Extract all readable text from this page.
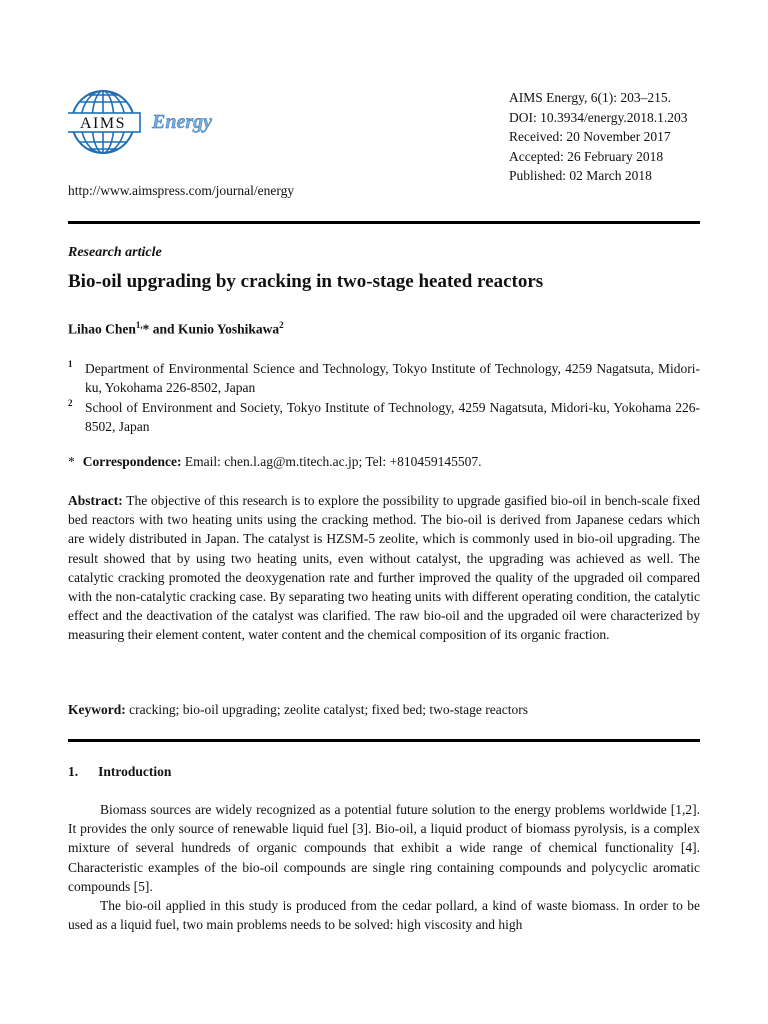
AIMS Energy
AIMS Energy, 6(1): 203–215.
DOI: 10.3934/energy.2018.1.203
Received: 20 November 2017
Accepted: 26 February 2018
Published: 02 March 2018
http://www.aimspress.com/journal/energy
Research article
Bio-oil upgrading by cracking in two-stage heated reactors
Lihao Chen$^{1,}$* and Kunio Yoshikawa$^2$
1 Department of Environmental Science and Technology, Tokyo Institute of Technology, 4259 Nagatsuta, Midori-ku, Yokohama 226-8502, Japan
2 School of Environment and Society, Tokyo Institute of Technology, 4259 Nagatsuta, Midori-ku, Yokohama 226-8502, Japan
* Correspondence: Email: chen.l.ag@m.titech.ac.jp; Tel: +810459145507.
Abstract: The objective of this research is to explore the possibility to upgrade gasified bio-oil in bench-scale fixed bed reactors with two heating units using the cracking method. The bio-oil is derived from Japanese cedars which are widely distributed in Japan. The catalyst is HZSM-5 zeolite, which is commonly used in bio-oil upgrading. The result showed that by using two heating units, even without catalyst, the upgrading was achieved as well. The catalytic cracking promoted the deoxygenation rate and further improved the quality of the upgraded oil compared with the non-catalytic cracking case. By separating two heating units with different operating condition, the catalytic effect and the deactivation of the catalyst was clarified. The raw bio-oil and the upgraded oil were characterized by measuring their element content, water content and the chemical composition of its organic fraction.
Keyword: cracking; bio-oil upgrading; zeolite catalyst; fixed bed; two-stage reactors
1. Introduction

Biomass sources are widely recognized as a potential future solution to the energy problems worldwide [1,2]. It provides the only source of renewable liquid fuel [3]. Bio-oil, a liquid product of biomass pyrolysis, is a complex mixture of several hundreds of organic compounds that exhibit a wide range of chemical functionality [4]. Characteristic examples of the bio-oil compounds are single ring containing compounds and polycyclic aromatic compounds [5].

The bio-oil applied in this study is produced from the cedar pollard, a kind of waste biomass. In order to be used as a liquid fuel, two main problems needs to be solved: high viscosity and high
